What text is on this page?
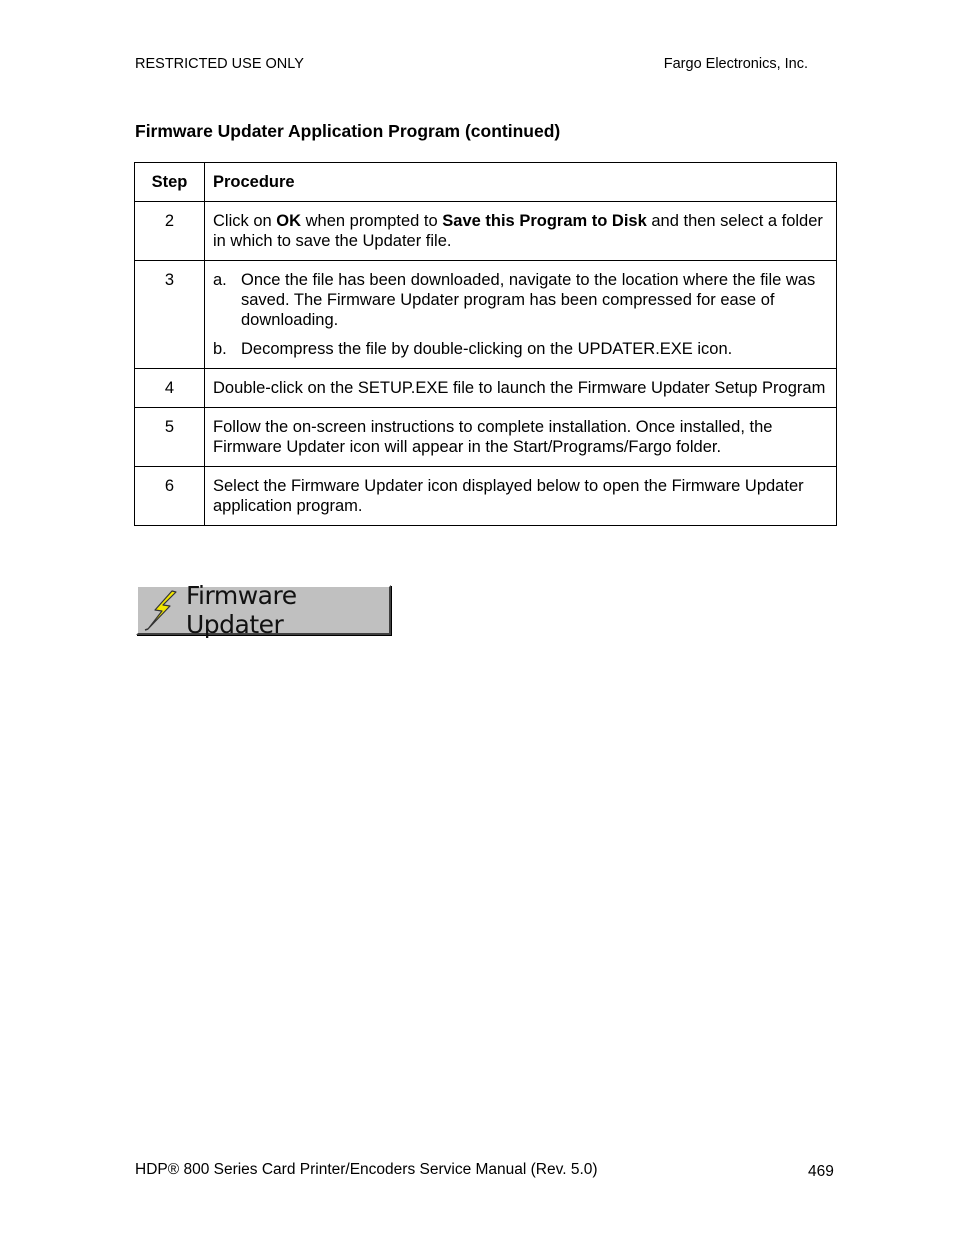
RESTRICTED USE ONLY	Fargo Electronics, Inc.
Firmware Updater Application Program (continued)
Step	Procedure
2	Click on OK when prompted to Save this Program to Disk and then select a folder in which to save the Updater file.
3	a. Once the file has been downloaded, navigate to the location where the file was saved. The Firmware Updater program has been compressed for ease of downloading.
b. Decompress the file by double-clicking on the UPDATER.EXE icon.

4	Double-click on the SETUP.EXE file to launch the Firmware Updater Setup Program
5	Follow the on-screen instructions to complete installation. Once installed, the Firmware Updater icon will appear in the Start/Programs/Fargo folder.
6	Select the Firmware Updater icon displayed below to open the Firmware Updater application program.
Firmware Updater
HDP® 800 Series Card Printer/Encoders Service Manual (Rev. 5.0)	469
